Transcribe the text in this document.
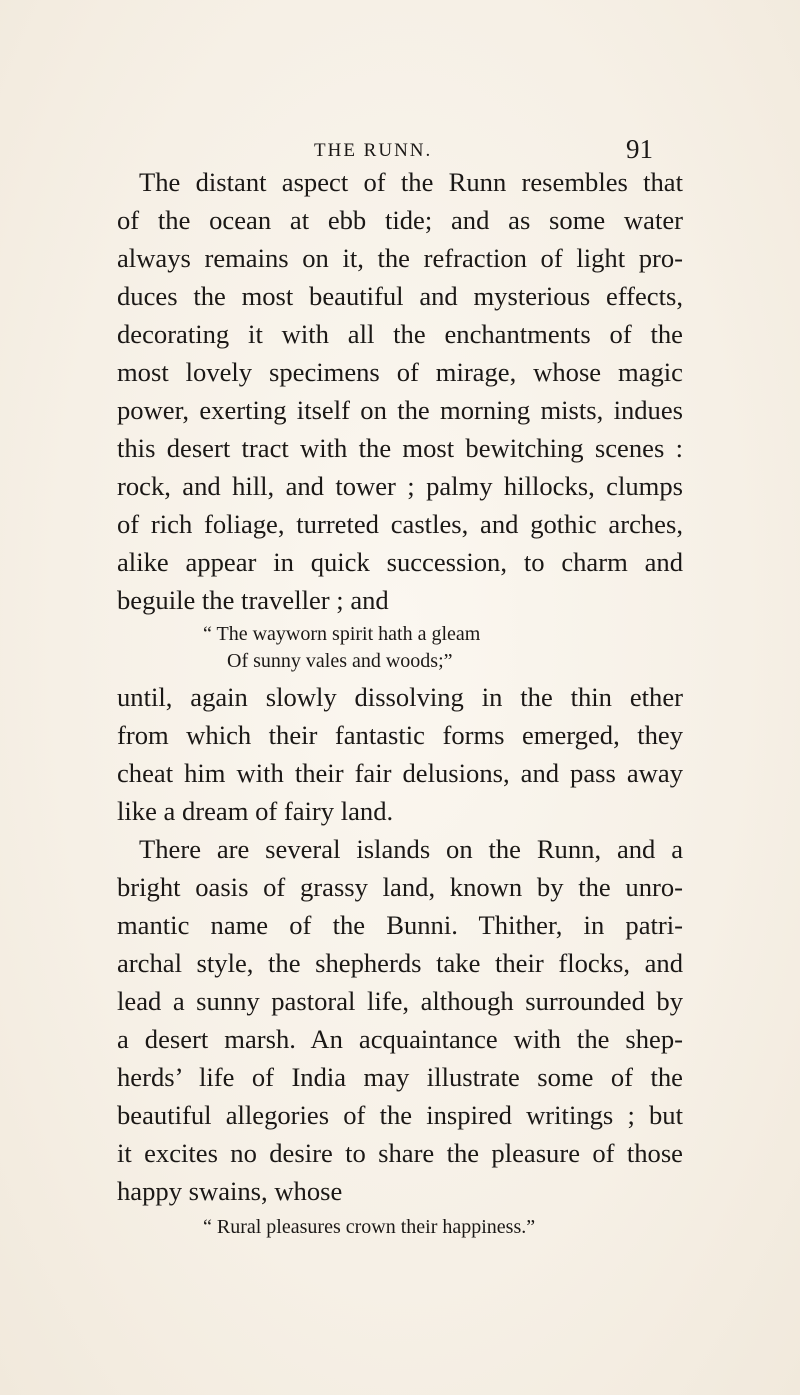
THE RUNN.	91
The distant aspect of the Runn resembles that
of the ocean at ebb tide; and as some water
always remains on it, the refraction of light pro-
duces the most beautiful and mysterious effects,
decorating it with all the enchantments of the
most lovely specimens of mirage, whose magic
power, exerting itself on the morning mists, indues
this desert tract with the most bewitching scenes :
rock, and hill, and tower ; palmy hillocks, clumps
of rich foliage, turreted castles, and gothic arches,
alike appear in quick succession, to charm and
beguile the traveller ; and
“ The wayworn spirit hath a gleam
Of sunny vales and woods;”
until, again slowly dissolving in the thin ether
from which their fantastic forms emerged, they
cheat him with their fair delusions, and pass away
like a dream of fairy land.
There are several islands on the Runn, and a
bright oasis of grassy land, known by the unro-
mantic name of the Bunni. Thither, in patri-
archal style, the shepherds take their flocks, and
lead a sunny pastoral life, although surrounded by
a desert marsh. An acquaintance with the shep-
herds’ life of India may illustrate some of the
beautiful allegories of the inspired writings ; but
it excites no desire to share the pleasure of those
happy swains, whose
“ Rural pleasures crown their happiness.”
